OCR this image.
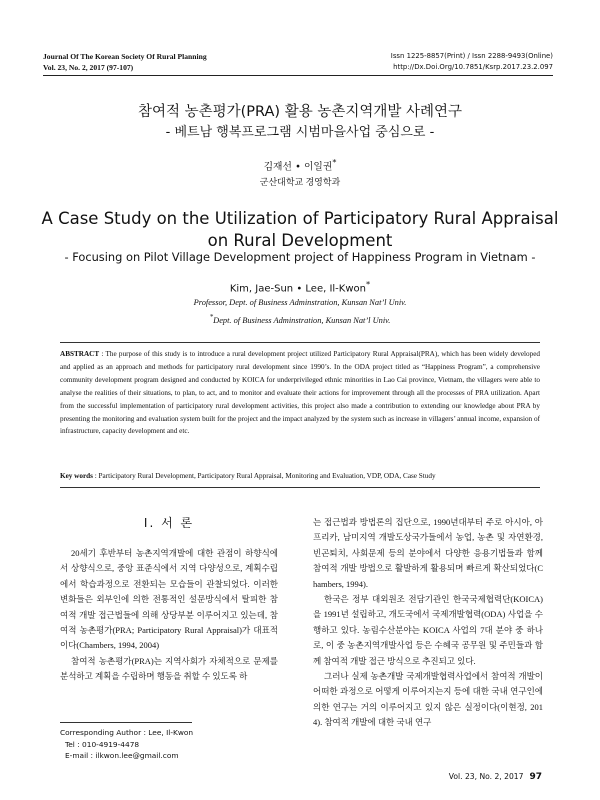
Journal Of The Korean Society Of Rural Planning
Vol. 23, No. 2, 2017 (97-107)
Issn 1225-8857(Print) / Issn 2288-9493(Online)
http://Dx.Doi.Org/10.7851/Ksrp.2017.23.2.097
참여적 농촌평가(PRA) 활용 농촌지역개발 사례연구
- 베트남 행복프로그램 시범마을사업 중심으로 -
김재선 • 이일권*
군산대학교 경영학과
A Case Study on the Utilization of Participatory Rural Appraisal
on Rural Development
- Focusing on Pilot Village Development project of Happiness Program in Vietnam -
Kim, Jae-Sun • Lee, Il-Kwon*
Professor, Dept. of Business Adminstration, Kunsan Nat’l Univ.
*Dept. of Business Adminstration, Kunsan Nat’l Univ.
ABSTRACT : The purpose of this study is to introduce a rural development project utilized Participatory Rural Appraisal(PRA), which has been widely developed and applied as an approach and methods for participatory rural development since 1990’s. In the ODA project titled as “Happiness Program”, a comprehensive community development program designed and conducted by KOICA for underprivileged ethnic minorities in Lao Cai province, Vietnam, the villagers were able to analyse the realities of their situations, to plan, to act, and to monitor and evaluate their actions for improvement through all the processes of PRA utilization. Apart from the successful implementation of participatory rural development activities, this project also made a contribution to extending our knowledge about PRA by presenting the monitoring and evaluation system built for the project and the impact analyzed by the system such as increase in villagers’ annual income, expansion of infrastructure, capacity development and etc.
Key words : Participatory Rural Development, Participatory Rural Appraisal, Monitoring and Evaluation, VDP, ODA, Case Study
I. 서 론

20세기 후반부터 농촌지역개발에 대한 관점이 하향식에서 상향식으로, 중앙 표준식에서 지역 다양성으로, 계획수립에서 학습과정으로 전환되는 모습들이 관찰되었다. 이러한 변화들은 외부인에 의한 전통적인 설문방식에서 탈피한 참여적 개발 접근법들에 의해 상당부분 이루어지고 있는데, 참여적 농촌평가(PRA; Participatory Rural Appraisal)가 대표적이다(Chambers, 1994, 2004)

참여적 농촌평가(PRA)는 지역사회가 자체적으로 문제를 분석하고 계획을 수립하며 행동을 취할 수 있도록 하

는 접근법과 방법론의 집단으로, 1990년대부터 주로 아시아, 아프리카, 남미지역 개발도상국가들에서 농업, 농촌 및 자연환경, 빈곤퇴치, 사회문제 등의 분야에서 다양한 응용기법들과 함께 참여적 개발 방법으로 활발하게 활용되며 빠르게 확산되었다(Chambers, 1994).

한국은 정부 대외원조 전담기관인 한국국제협력단(KOICA)을 1991년 설립하고, 개도국에서 국제개발협력(ODA) 사업을 수행하고 있다. 농림수산분야는 KOICA 사업의 7대 분야 중 하나로, 이 중 농촌지역개발사업 등은 수혜국 공무원 및 주민들과 함께 참여적 개발 접근 방식으로 추진되고 있다.

그러나 실제 농촌개발 국제개발협력사업에서 참여적 개발이 어떠한 과정으로 어떻게 이루어지는지 등에 대한 국내 연구인에 의한 연구는 거의 이루어지고 있지 않은 실정이다(이현정, 2014). 참여적 개발에 대한 국내 연구

Corresponding Author : Lee, Il-Kwon
Tel : 010-4919-4478
E-mail : ilkwon.lee@gmail.com
Vol. 23, No. 2, 2017 97
